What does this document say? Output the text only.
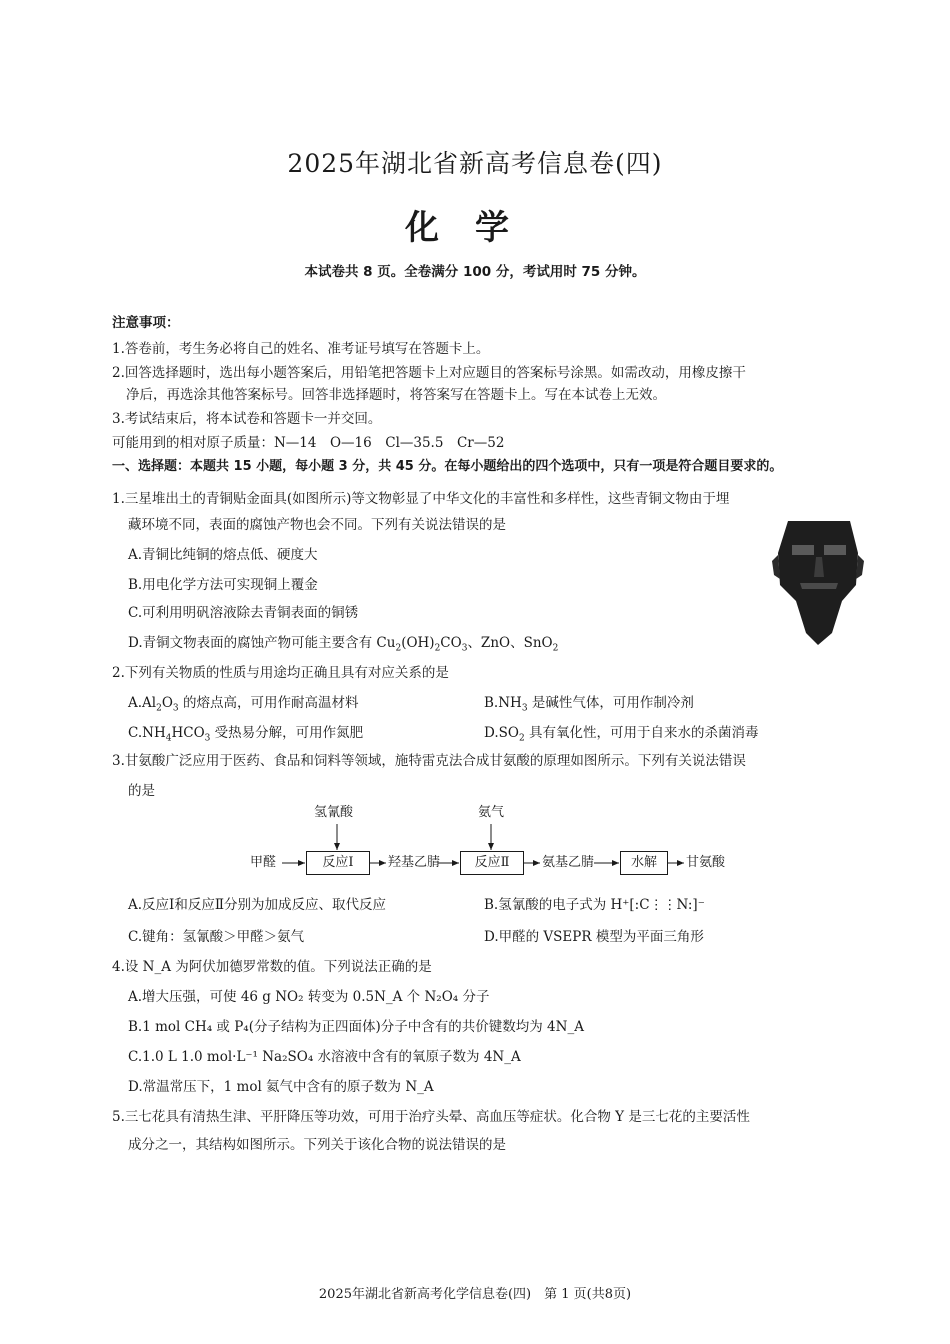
2025年湖北省新高考信息卷(四)
化学
本试卷共 8 页。全卷满分 100 分，考试用时 75 分钟。
注意事项：
1.答卷前，考生务必将自己的姓名、准考证号填写在答题卡上。
2.回答选择题时，选出每小题答案后，用铅笔把答题卡上对应题目的答案标号涂黑。如需改动，用橡皮擦干
净后，再选涂其他答案标号。回答非选择题时，将答案写在答题卡上。写在本试卷上无效。
3.考试结束后，将本试卷和答题卡一并交回。
可能用到的相对原子质量：N—14　O—16　Cl—35.5　Cr—52
一、选择题：本题共 15 小题，每小题 3 分，共 45 分。在每小题给出的四个选项中，只有一项是符合题目要求的。
1.三星堆出土的青铜贴金面具(如图所示)等文物彰显了中华文化的丰富性和多样性，这些青铜文物由于埋
藏环境不同，表面的腐蚀产物也会不同。下列有关说法错误的是
A.青铜比纯铜的熔点低、硬度大
B.用电化学方法可实现铜上覆金
C.可利用明矾溶液除去青铜表面的铜锈
D.青铜文物表面的腐蚀产物可能主要含有 $Cu_2(OH)_2CO_3$、ZnO、SnO$_2$
2.下列有关物质的性质与用途均正确且具有对应关系的是
$A.Al_2O_3$ 的熔点高，可用作耐高温材料	$B.NH_3$ 是碱性气体，可用作制冷剂
$C.NH_4HCO_3$ 受热易分解，可用作氮肥	$D.SO_2$ 具有氧化性，可用于自来水的杀菌消毒
3.甘氨酸广泛应用于医药、食品和饲料等领域，施特雷克法合成甘氨酸的原理如图所示。下列有关说法错误
的是
氢氰酸	氨气
甲醛	反应Ⅰ	羟基乙腈	反应Ⅱ	氨基乙腈	水解	甘氨酸
A.反应Ⅰ和反应Ⅱ分别为加成反应、取代反应	B.氢氰酸的电子式为 H⁺[:C⋮⋮N:]⁻
C.键角：氢氰酸＞甲醛＞氨气	D.甲醛的 VSEPR 模型为平面三角形
4.设 N_A 为阿伏加德罗常数的值。下列说法正确的是
A.增大压强，可使 46 g NO₂ 转变为 0.5N_A 个 N₂O₄ 分子
B.1 mol CH₄ 或 P₄(分子结构为正四面体)分子中含有的共价键数均为 4N_A
C.1.0 L 1.0 mol·L⁻¹ Na₂SO₄ 水溶液中含有的氧原子数为 4N_A
D.常温常压下，1 mol 氦气中含有的原子数为 N_A
5.三七花具有清热生津、平肝降压等功效，可用于治疗头晕、高血压等症状。化合物 Y 是三七花的主要活性
成分之一，其结构如图所示。下列关于该化合物的说法错误的是
2025年湖北省新高考化学信息卷(四)　第 1 页(共8页)
